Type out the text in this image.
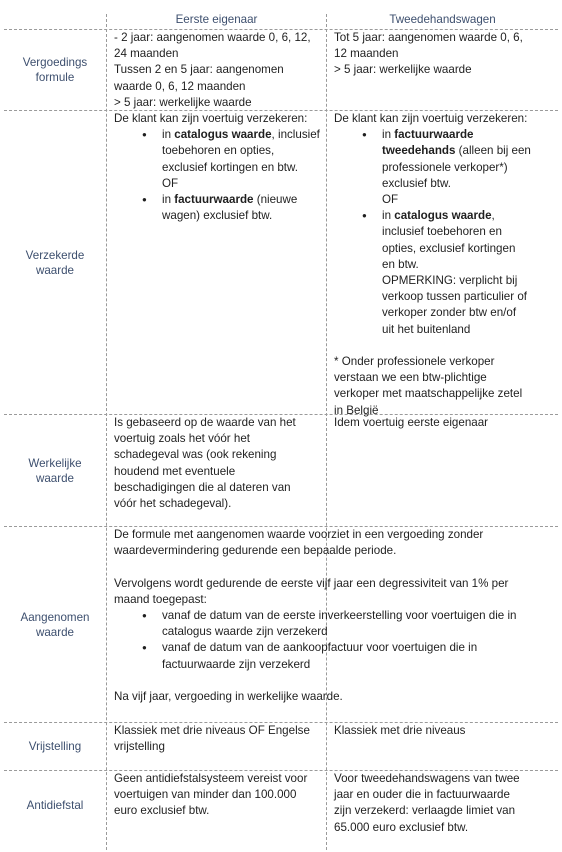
Eerste eigenaar	Tweedehandswagen
Vergoedings formule
Verzekerde waarde
Werkelijke waarde
Aangenomen waarde
Vrijstelling
Antidiefstal

- 2 jaar: aangenomen waarde 0, 6, 12,

24 maanden

Tussen 2 en 5 jaar: aangenomen

waarde 0, 6, 12 maanden

> 5 jaar: werkelijke waarde

Tot 5 jaar: aangenomen waarde 0, 6,

12 maanden

> 5 jaar: werkelijke waarde

De klant kan zijn voertuig verzekeren:

● in catalogus waarde, inclusief

toebehoren en opties,

exclusief kortingen en btw.

OF

● in factuurwaarde (nieuwe

wagen) exclusief btw.

De klant kan zijn voertuig verzekeren:

● in factuurwaarde

tweedehands (alleen bij een

professionele verkoper*)

exclusief btw.

OF

● in catalogus waarde,

inclusief toebehoren en

opties, exclusief kortingen

en btw.

OPMERKING: verplicht bij

verkoop tussen particulier of

verkoper zonder btw en/of

uit het buitenland

* Onder professionele verkoper

verstaan we een btw-plichtige

verkoper met maatschappelijke zetel

in België

Is gebaseerd op de waarde van het

voertuig zoals het vóór het

schadegeval was (ook rekening

houdend met eventuele

beschadigingen die al dateren van

vóór het schadegeval).

Idem voertuig eerste eigenaar

De formule met aangenomen waarde voorziet in een vergoeding zonder

waardevermindering gedurende een bepaalde periode.

Vervolgens wordt gedurende de eerste vijf jaar een degressiviteit van 1% per

maand toegepast:

● vanaf de datum van de eerste inverkeerstelling voor voertuigen die in

catalogus waarde zijn verzekerd

● vanaf de datum van de aankoopfactuur voor voertuigen die in

factuurwaarde zijn verzekerd

Na vijf jaar, vergoeding in werkelijke waarde.

Klassiek met drie niveaus OF Engelse

vrijstelling

Klassiek met drie niveaus

Geen antidiefstalsysteem vereist voor

voertuigen van minder dan 100.000

euro exclusief btw.

Voor tweedehandswagens van twee

jaar en ouder die in factuurwaarde

zijn verzekerd: verlaagde limiet van

65.000 euro exclusief btw.
